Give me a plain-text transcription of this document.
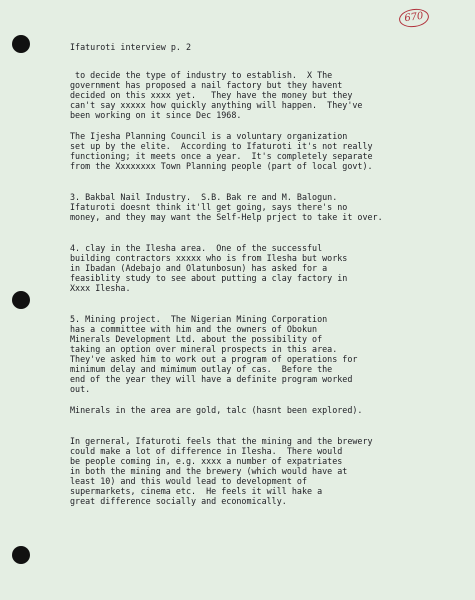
670

Ifaturoti interview p. 2

to decide the type of industry to establish.  X The

government has proposed a nail factory but they havent

decided on this xxxx yet.   They have the money but they

can't say xxxxx how quickly anything will happen.  They've

been working on it since Dec 1968.

The Ijesha Planning Council is a voluntary organization

set up by the elite.  According to Ifaturoti it's not really

functioning; it meets once a year.  It's completely separate

from the Xxxxxxxx Town Planning people (part of local govt).

3. Bakbal Nail Industry.  S.B. Bak re and M. Balogun.

Ifaturoti doesnt think it'll get going, says there's no

money, and they may want the Self-Help prject to take it over.

4. clay in the Ilesha area.  One of the successful

building contractors xxxxx who is from Ilesha but works

in Ibadan (Adebajo and Olatunbosun) has asked for a

feasiblity study to see about putting a clay factory in

Xxxx Ilesha.

5. Mining project.  The Nigerian Mining Corporation

has a committee with him and the owners of Obokun

Minerals Development Ltd. about the possibility of

taking an option over mineral prospects in this area.

They've asked him to work out a program of operations for

minimum delay and mimimum outlay of cas.  Before the

end of the year they will have a definite program worked

out.

Minerals in the area are gold, talc (hasnt been explored).

In gerneral, Ifaturoti feels that the mining and the brewery

could make a lot of difference in Ilesha.  There would

be people coming in, e.g. xxxx a number of expatriates

in both the mining and the brewery (which would have at

least 10) and this would lead to development of

supermarkets, cinema etc.  He feels it will hake a

great difference socially and economically.
